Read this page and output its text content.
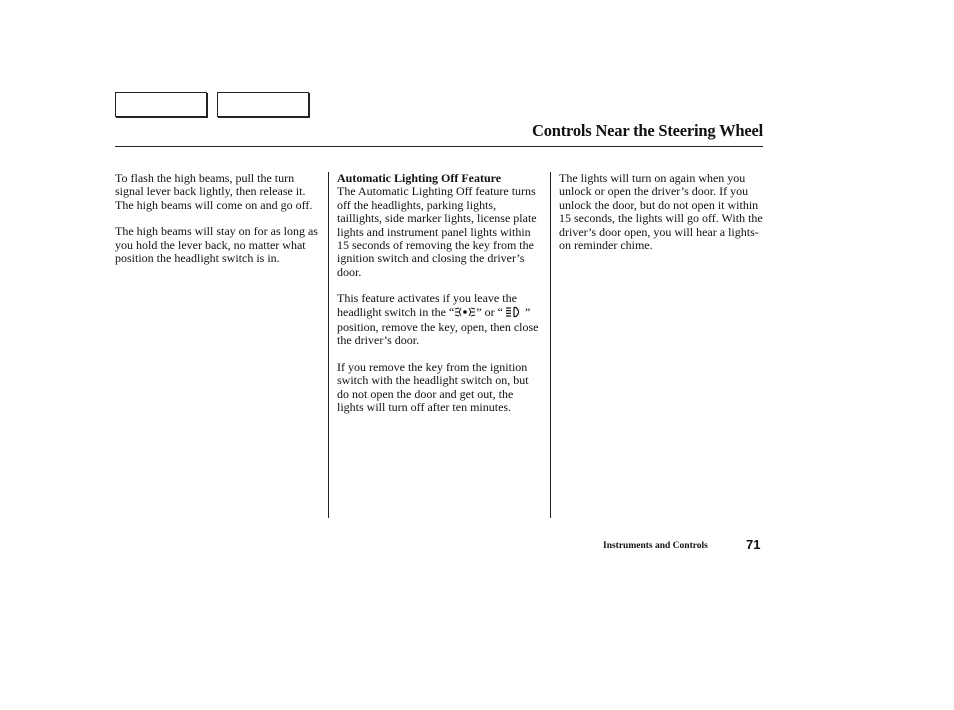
Controls Near the Steering Wheel

To flash the high beams, pull the turn signal lever back lightly, then release it. The high beams will come on and go off.

The high beams will stay on for as long as you hold the lever back, no matter what position the headlight switch is in.

Automatic Lighting Off Feature
The Automatic Lighting Off feature turns off the headlights, parking lights, taillights, side marker lights, license plate lights and instrument panel lights within 15 seconds of removing the key from the ignition switch and closing the driver’s door.

This feature activates if you leave the headlight switch in the “ ” or “ ” position, remove the key, open, then close the driver’s door.

If you remove the key from the ignition switch with the headlight switch on, but do not open the door and get out, the lights will turn off after ten minutes.

The lights will turn on again when you unlock or open the driver’s door. If you unlock the door, but do not open it within 15 seconds, the lights will go off. With the driver’s door open, you will hear a lights-on reminder chime.

Instruments and Controls	71
